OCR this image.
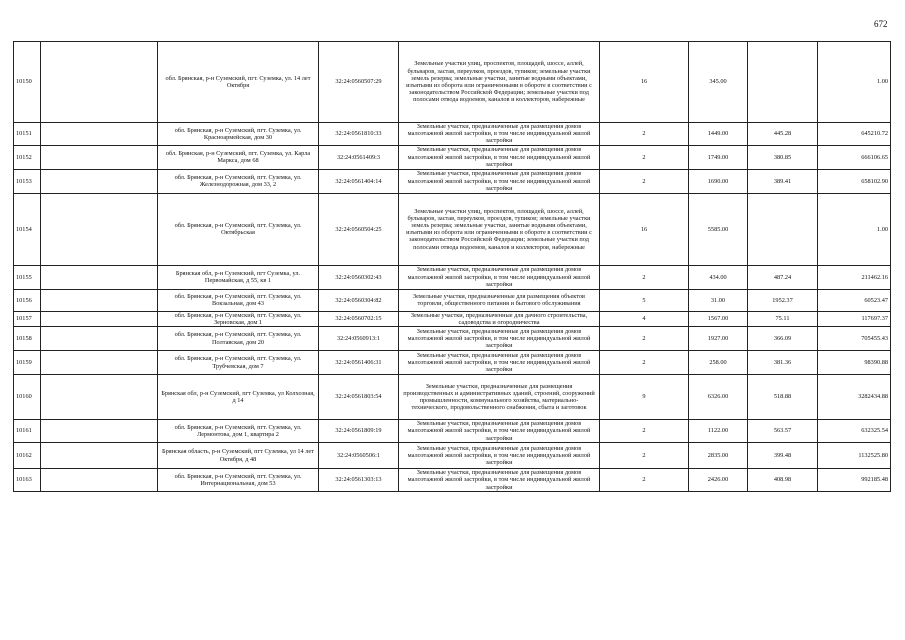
672
10150		обл. Брянская, р-н Суземский, пгт. Суземка, ул. 14 лет Октября	32:24:0560507:29	Земельные участки улиц, проспектов, площадей, шоссе, аллей, бульваров, застав, переулков, проездов, тупиков; земельные участки земель резерва; земельные участки, занятые водными объектами, изъятыми из оборота или ограниченными в обороте в соответствии с законодательством Российской Федерации; земельные участки под полосами отвода водоемов, каналов и коллекторов, набережные	16	345.00		1.00
10151		обл. Брянская, р-н Суземский, пгт. Суземка, ул. Красноармейская, дом 30	32:24:0561810:33	Земельные участки, предназначенные для размещения домов малоэтажной жилой застройки, в том числе индивидуальной жилой застройки	2	1449.00	445.28	645210.72
10152		обл. Брянская, р-н Суземский, пгт. Суземка, ул. Карла Маркса, дом 68	32:24:0561409:3	Земельные участки, предназначенные для размещения домов малоэтажной жилой застройки, в том числе индивидуальной жилой застройки	2	1749.00	380.85	666106.65
10153		обл. Брянская, р-н Суземский, пгт. Суземка, ул. Железнодорожная, дом 33, 2	32:24:0561404:14	Земельные участки, предназначенные для размещения домов малоэтажной жилой застройки, в том числе индивидуальной жилой застройки	2	1690.00	389.41	658102.90
10154		обл. Брянская, р-н Суземский, пгт. Суземка, ул. Октябрьская	32:24:0560504:25	Земельные участки улиц, проспектов, площадей, шоссе, аллей, бульваров, застав, переулков, проездов, тупиков; земельные участки земель резерва; земельные участки, занятые водными объектами, изъятыми из оборота или ограниченными в обороте в соответствии с законодательством Российской Федерации; земельные участки под полосами отвода водоемов, каналов и коллекторов, набережные	16	5585.00		1.00
10155		Брянская обл, р-н Суземский, пгт Суземка, ул. Первомайская, д 55, кв 1	32:24:0560302:43	Земельные участки, предназначенные для размещения домов малоэтажной жилой застройки, в том числе индивидуальной жилой застройки	2	434.00	487.24	211462.16
10156		обл. Брянская, р-н Суземский, пгт. Суземка, ул. Вокзальная, дом 43	32:24:0560304:82	Земельные участки, предназначенные для размещения объектов торговли, общественного питания и бытового обслуживания	5	31.00	1952.37	60523.47
10157		обл. Брянская, р-н Суземский, пгт. Суземка, ул. Зерновская, дом 1	32:24:0560702:15	Земельные участки, предназначенные для дачного строительства, садоводства и огородничества	4	1567.00	75.11	117697.37
10158		обл. Брянская, р-н Суземский, пгт. Суземка, ул. Полтавская, дом 20	32:24:0560913:1	Земельные участки, предназначенные для размещения домов малоэтажной жилой застройки, в том числе индивидуальной жилой застройки	2	1927.00	366.09	705455.43
10159		обл. Брянская, р-н Суземский, пгт. Суземка, ул. Трубчевская, дом 7	32:24:0561406:31	Земельные участки, предназначенные для размещения домов малоэтажной жилой застройки, в том числе индивидуальной жилой застройки	2	258.00	381.36	98390.88
10160		Брянская обл, р-н Суземский, пгт Суземка, ул Колхозная, д 14	32:24:0561803:54	Земельные участки, предназначенные для размещения производственных и административных зданий, строений, сооружений промышленности, коммунального хозяйства, материально-технического, продовольственного снабжения, сбыта и заготовок	9	6326.00	518.88	3282434.88
10161		обл. Брянская, р-н Суземский, пгт. Суземка, ул. Лермонтова, дом 1, квартира 2	32:24:0561809:19	Земельные участки, предназначенные для размещения домов малоэтажной жилой застройки, в том числе индивидуальной жилой застройки	2	1122.00	563.57	632325.54
10162		Брянская область, р-н Суземский, пгт Суземка, ул 14 лет Октября, д 48	32:24:0560506:1	Земельные участки, предназначенные для размещения домов малоэтажной жилой застройки, в том числе индивидуальной жилой застройки	2	2835.00	399.48	1132525.80
10163		обл. Брянская, р-н Суземский, пгт. Суземка, ул. Интернациональная, дом 53	32:24:0561303:13	Земельные участки, предназначенные для размещения домов малоэтажной жилой застройки, в том числе индивидуальной жилой застройки	2	2426.00	408.98	992185.48
